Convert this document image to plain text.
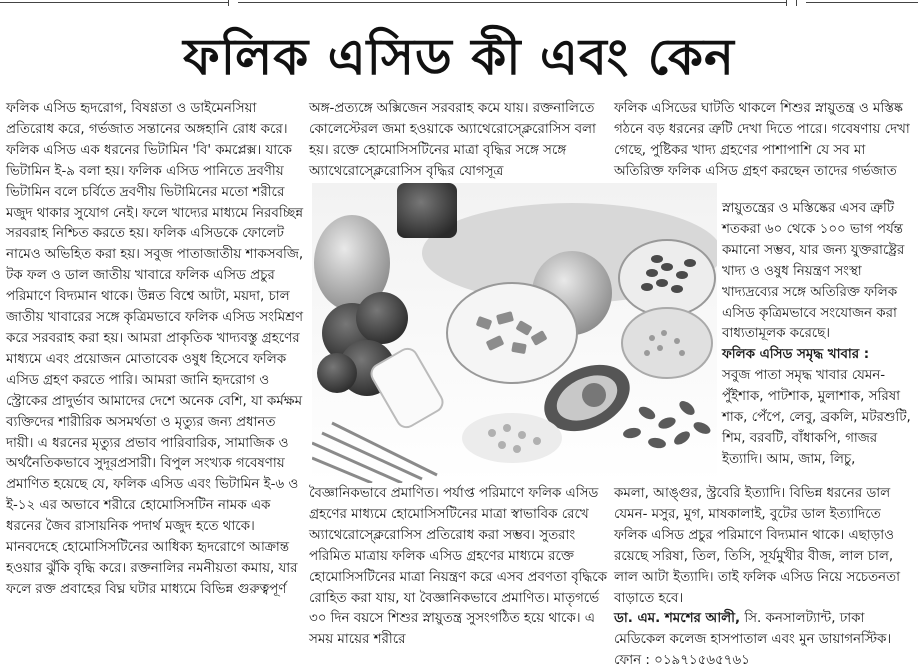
ফলিক এসিড কী এবং কেন

ফলিক এসিড হৃদরোগ, বিষণ্ণতা ও ডাইমেনসিয়া প্রতিরোধ করে, গর্ভজাত সন্তানের অঙ্গহানি রোধ করে। ফলিক এসিড এক ধরনের ভিটামিন 'বি' কমপ্লেক্স। যাকে ভিটামিন ই-৯ বলা হয়। ফলিক এসিড পানিতে দ্রবণীয় ভিটামিন বলে চর্বিতে দ্রবণীয় ভিটামিনের মতো শরীরে মজুদ থাকার সুযোগ নেই। ফলে খাদ্যের মাধ্যমে নিরবচ্ছিন্ন সরবরাহ নিশ্চিত করতে হয়। ফলিক এসিডকে ফোলেট নামেও অভিহিত করা হয়। সবুজ পাতাজাতীয় শাকসবজি, টক ফল ও ডাল জাতীয় খাবারে ফলিক এসিড প্রচুর পরিমাণে বিদ্যমান থাকে। উন্নত বিশ্বে আটা, ময়দা, চাল জাতীয় খাবারের সঙ্গে কৃত্রিমভাবে ফলিক এসিড সংমিশ্রণ করে সরবরাহ করা হয়। আমরা প্রাকৃতিক খাদ্যবস্তু গ্রহণের মাধ্যমে এবং প্রয়োজন মোতাবেক ওষুধ হিসেবে ফলিক এসিড গ্রহণ করতে পারি। আমরা জানি হৃদরোগ ও স্ট্রোকের প্রাদুর্ভাব আমাদের দেশে অনেক বেশি, যা কর্মক্ষম ব্যক্তিদের শারীরিক অসমর্থতা ও মৃত্যুর জন্য প্রধানত দায়ী। এ ধরনের মৃত্যুর প্রভাব পারিবারিক, সামাজিক ও অর্থনৈতিকভাবে সুদূরপ্রসারী। বিপুল সংখ্যক গবেষণায় প্রমাণিত হয়েছে যে, ফলিক এসিড এবং ভিটামিন ই-৬ ও ই-১২ এর অভাবে শরীরে হোমোসিসটিন নামক এক ধরনের জৈব রাসায়নিক পদার্থ মজুদ হতে থাকে। মানবদেহে হোমোসিসটিনের আধিক্য হৃদরোগে আক্রান্ত হওয়ার ঝুঁকি বৃদ্ধি করে। রক্তনালির নমনীয়তা কমায়, যার ফলে রক্ত প্রবাহের বিঘ্ন ঘটার মাধ্যমে বিভিন্ন গুরুত্বপূর্ণ

অঙ্গ-প্রত্যঙ্গে অক্সিজেন সরবরাহ কমে যায়। রক্তনালিতে কোলেস্টেরল জমা হওয়াকে অ্যাথেরোস্ক্লেরোসিস বলা হয়। রক্তে হোমোসিসটিনের মাত্রা বৃদ্ধির সঙ্গে সঙ্গে অ্যাথেরোস্ক্লেরোসিস বৃদ্ধির যোগসূত্র

ফলিক এসিডের ঘাটতি থাকলে শিশুর স্নায়ুতন্ত্র ও মস্তিষ্ক গঠনে বড় ধরনের ত্রুটি দেখা দিতে পারে। গবেষণায় দেখা গেছে, পুষ্টিকর খাদ্য গ্রহণের পাশাপাশি যে সব মা অতিরিক্ত ফলিক এসিড গ্রহণ করছেন তাদের গর্ভজাত

স্নায়ুতন্ত্রের ও মস্তিষ্কের এসব ত্রুটি শতকরা ৬০ থেকে ১০০ ভাগ পর্যন্ত কমানো সম্ভব, যার জন্য যুক্তরাষ্ট্রের খাদ্য ও ওষুধ নিয়ন্ত্রণ সংস্থা খাদ্যদ্রব্যের সঙ্গে অতিরিক্ত ফলিক এসিড কৃত্রিমভাবে সংযোজন করা বাধ্যতামূলক করেছে।

ফলিক এসিড সমৃদ্ধ খাবার :

সবুজ পাতা সমৃদ্ধ খাবার যেমন- পুঁইশাক, পাটশাক, মুলাশাক, সরিষা শাক, পেঁপে, লেবু, ব্রকলি, মটরশুটি, শিম, বরবটি, বাঁধাকপি, গাজর ইত্যাদি। আম, জাম, লিচু,

বৈজ্ঞানিকভাবে প্রমাণিত। পর্যাপ্ত পরিমাণে ফলিক এসিড গ্রহণের মাধ্যমে হোমোসিসটিনের মাত্রা স্বাভাবিক রেখে অ্যাথেরোস্ক্লেরোসিস প্রতিরোধ করা সম্ভব। সুতরাং পরিমিত মাত্রায় ফলিক এসিড গ্রহণের মাধ্যমে রক্তে হোমোসিসটিনের মাত্রা নিয়ন্ত্রণ করে এসব প্রবণতা বৃদ্ধিকে রোহিত করা যায়, যা বৈজ্ঞানিকভাবে প্রমাণিত। মাতৃগর্ভে ৩০ দিন বয়সে শিশুর স্নায়ুতন্ত্র সুসংগঠিত হয়ে থাকে। এ সময় মায়ের শরীরে

কমলা, আঙ্গুর, স্ট্রবেরি ইত্যাদি। বিভিন্ন ধরনের ডাল যেমন- মসুর, মুগ, মাষকালাই, বুটের ডাল ইত্যাদিতে ফলিক এসিড প্রচুর পরিমাণে বিদ্যমান থাকে। এছাড়াও রয়েছে সরিষা, তিল, তিসি, সূর্যমুখীর বীজ, লাল চাল, লাল আটা ইত্যাদি। তাই ফলিক এসিড নিয়ে সচেতনতা বাড়াতে হবে।

ডা. এম. শমশের আলী, সি. কনসালট্যান্ট, ঢাকা মেডিকেল কলেজ হাসপাতাল এবং মুন ডায়াগনস্টিক। ফোন : ০১৯৭১৫৬৫৭৬১
